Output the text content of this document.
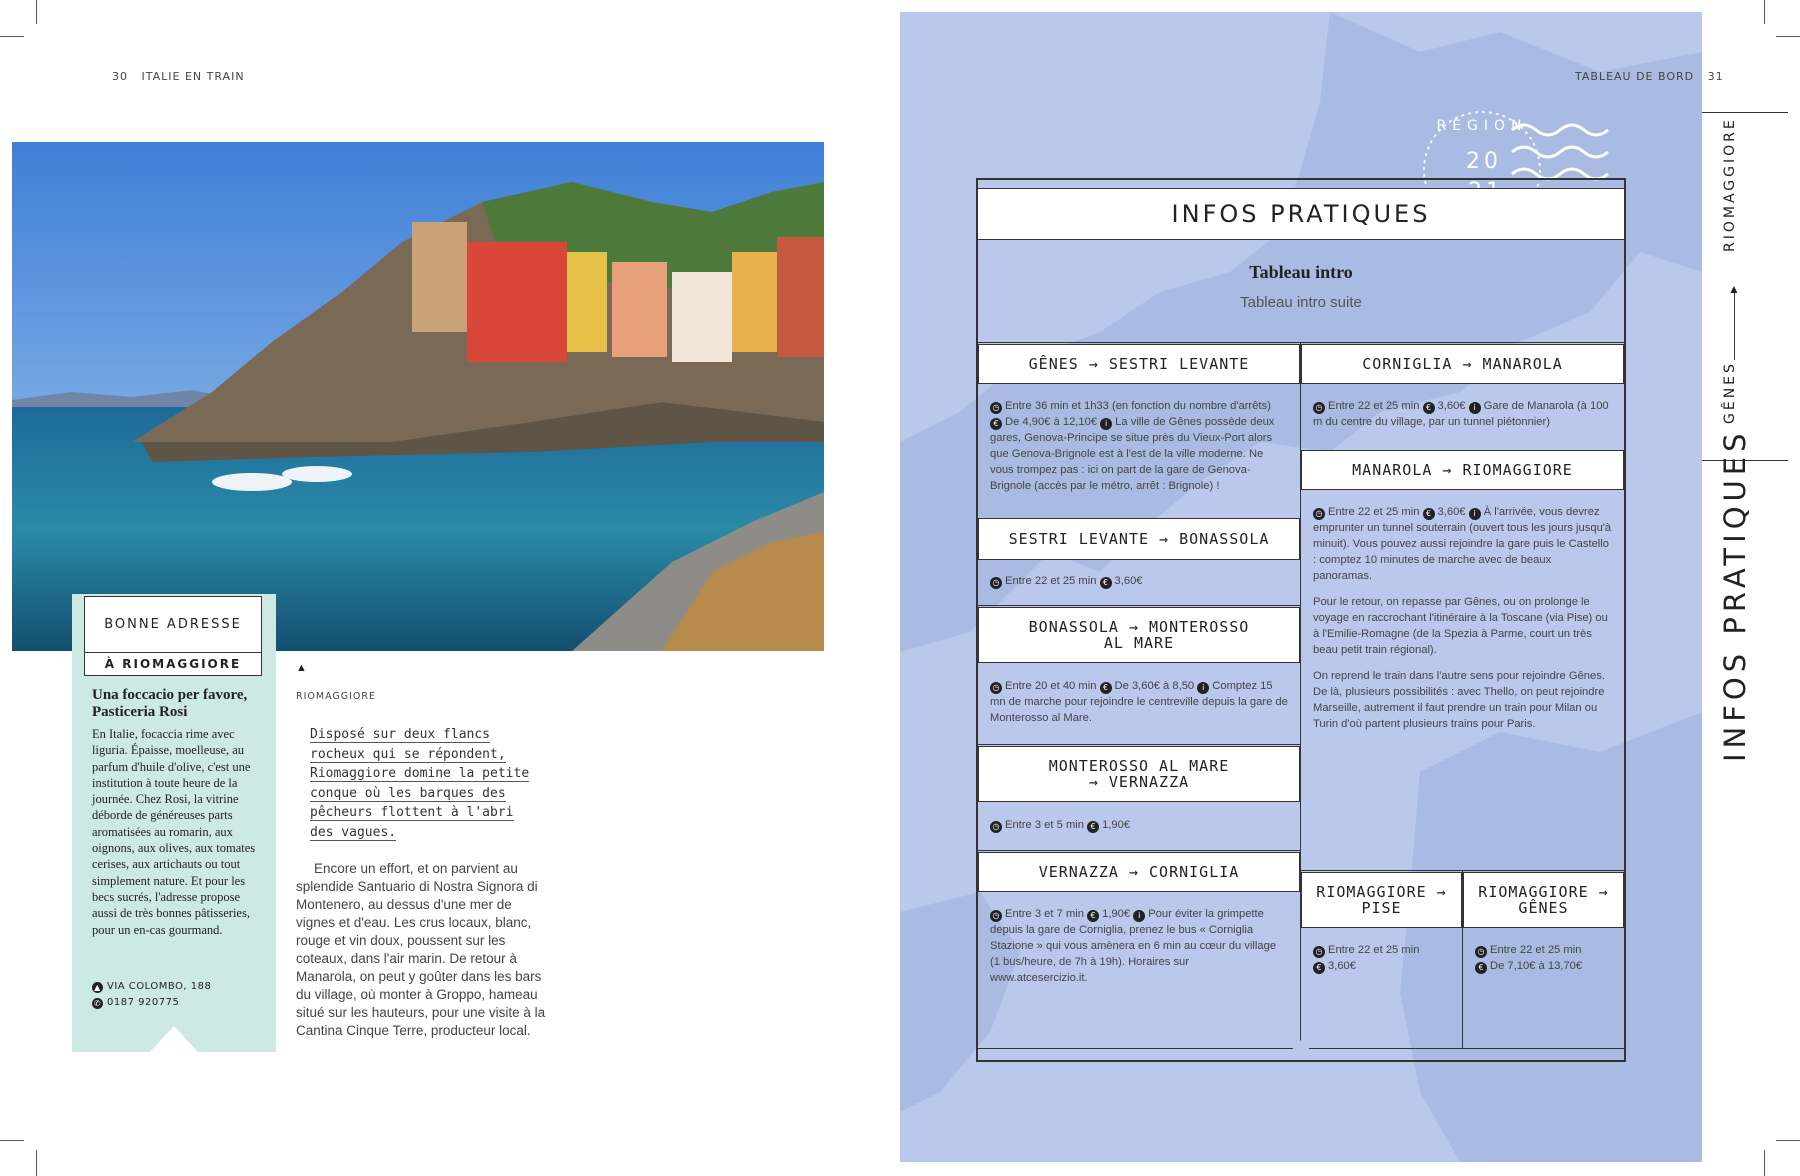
30 ITALIE EN TRAIN
BONNE ADRESSE
À RIOMAGGIORE
Una foccacio per favore, Pasticeria Rosi
En Italie, focaccia rime avec liguria. Épaisse, moelleuse, au parfum d'huile d'olive, c'est une institution à toute heure de la journée. Chez Rosi, la vitrine déborde de généreuses parts aromatisées au romarin, aux oignons, aux olives, aux tomates cerises, aux artichauts ou tout simplement nature. Et pour les becs sucrés, l'adresse propose aussi de très bonnes pâtisseries, pour un en-cas gourmand.
▲ VIA COLOMBO, 188
✆ 0187 920775
▲
RIOMAGGIORE
Disposé sur deux flancs
rocheux qui se répondent,
Riomaggiore domine la petite
conque où les barques des
pêcheurs flottent à l'abri
des vagues.
Encore un effort, et on parvient au splendide Santuario di Nostra Signora di Montenero, au dessus d'une mer de vignes et d'eau. Les crus locaux, blanc, rouge et vin doux, poussent sur les coteaux, dans l'air marin. De retour à Manarola, on peut y goûter dans les bars du village, où monter à Groppo, hameau situé sur les hauteurs, pour une visite à la Cantina Cinque Terre, producteur local.
TABLEAU DE BORD 31
RÉGION
20	RIOMAGGIORE
▲
GÊNES
INFOS PRATIQUES
INFOS PRATIQUES
Tableau intro
Tableau intro suite
GÊNES → SESTRI LEVANTE
◷ Entre 36 min et 1h33 (en fonction du nombre d'arrêts) € De 4,90€ à 12,10€ i La ville de Gênes possède deux gares, Genova-Principe se situe près du Vieux-Port alors que Genova-Brignole est à l'est de la ville moderne. Ne vous trompez pas : ici on part de la gare de Genova-Brignole (accès par le métro, arrêt : Brignole) !
SESTRI LEVANTE → BONASSOLA
◷ Entre 22 et 25 min € 3,60€
BONASSOLA → MONTEROSSO AL MARE
◷ Entre 20 et 40 min € De 3,60€ à 8,50 i Comptez 15 mn de marche pour rejoindre le centreville depuis la gare de Monterosso al Mare.
MONTEROSSO AL MARE → VERNAZZA
◷ Entre 3 et 5 min € 1,90€
VERNAZZA → CORNIGLIA
◷ Entre 3 et 7 min € 1,90€ i Pour éviter la grimpette depuis la gare de Corniglia, prenez le bus « Corniglia Stazione » qui vous amènera en 6 min au cœur du village (1 bus/heure, de 7h à 19h). Horaires sur www.atcesercizio.it.
CORNIGLIA → MANAROLA
◷ Entre 22 et 25 min € 3,60€ i Gare de Manarola (à 100 m du centre du village, par un tunnel piétonnier)
MANAROLA → RIOMAGGIORE
◷ Entre 22 et 25 min € 3,60€ i À l'arrivée, vous devrez emprunter un tunnel souterrain (ouvert tous les jours jusqu'à minuit). Vous pouvez aussi rejoindre la gare puis le Castello : comptez 10 minutes de marche avec de beaux panoramas.
Pour le retour, on repasse par Gênes, ou on prolonge le voyage en raccrochant l'itinéraire à la Toscane (via Pise) ou à l'Emilie-Romagne (de la Spezia à Parme, court un très beau petit train régional).
On reprend le train dans l'autre sens pour rejoindre Gênes. De là, plusieurs possibilités : avec Thello, on peut rejoindre Marseille, autrement il faut prendre un train pour Milan ou Turin d'où partent plusieurs trains pour Paris.
RIOMAGGIORE → PISE
◷ Entre 22 et 25 min
€ 3,60€
RIOMAGGIORE → GÊNES
◷ Entre 22 et 25 min
€ De 7,10€ à 13,70€
